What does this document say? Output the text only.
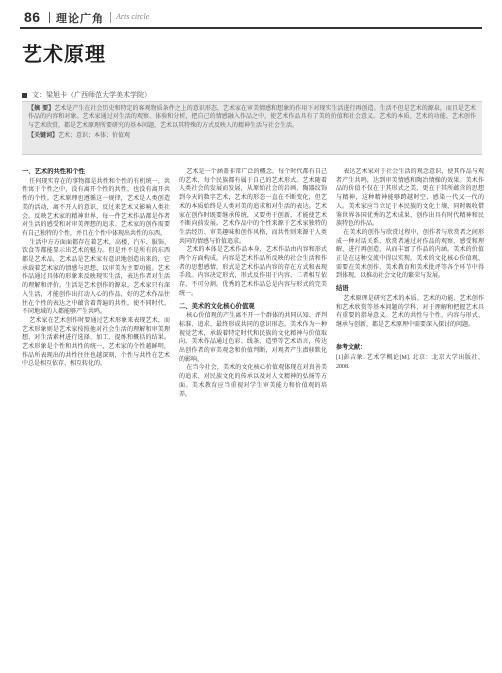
86 理论广角 Arts circle
艺术原理
文：梁旭卡（广西师范大学美术学院）
【摘 要】艺术是产生在社会历史和特定的客观物质条件之上的意识形态，艺术家在审美情感和想象的作用下对现实生活进行再创造。生活不但是艺术的源泉，而且是艺术作品的内容和对象。艺术家通过对生活的观察、体验和分析，把自己的情感融入作品之中，使艺术作品具有了美的价值和社会意义。艺术的本质、艺术的功能、艺术创作与艺术欣赏，都是艺术原理所要研究的基本问题，艺术以其特殊的方式反映人的精神生活与社会生活。
【关键词】艺术；意识；本体；价值观
一、艺术的共性和个性

任何现实存在的事物都是共性和个性的有机统一，共性寓于个性之中，没有离开个性的共性，也没有离开共性的个性。艺术原理也遵循这一规律，艺术是人类创造美的活动，离不开人的意识，反过来艺术又影响人类社会。反映艺术家的精神世界，每一件艺术作品都是作者对生活的感受和对审美理想的追求。艺术家的创作需要有自己独特的个性，并且在个性中体现出共性的东西。

生活中方方面面都存在着艺术，高楼、汽车、服饰、饮食等都能显示出艺术的魅力。但是并不是所有的东西都是艺术品，艺术品是艺术家有意识地创造出来的，它承载着艺术家的情感与思想，以审美为主要功能。艺术作品通过具体的形象来反映现实生活，表达作者对生活的理解和评价。生活是艺术创作的源泉，艺术家只有深入生活，才能创作出打动人心的作品，好的艺术作品往往在个性的表达之中蕴含着普遍的共性，使不同时代、不同地域的人都能够产生共鸣。

艺术家在艺术创作时要通过艺术形象来表现艺术，而艺术形象则是艺术家按照他对社会生活的理解和审美理想，对生活素材进行选择、加工、提炼和概括的结果。艺术形象是个性和共性的统一，艺术家的个性越鲜明，作品所表现出的共性往往也越深刻，个性与共性在艺术中总是相互依存、相互转化的。

艺术是一个涵盖非常广泛的概念，每个时代都有自己的艺术，每个民族都有属于自己的艺术形式。艺术随着人类社会的发展而发展，从原始社会的岩画、陶器纹饰到今天的数字艺术，艺术的形态一直在不断变化，但艺术的本质始终是人类对美的追求和对生活的表达。艺术家在创作时既要继承传统，又要勇于创新，才能使艺术不断向前发展。艺术作品中的个性来源于艺术家独特的生活经历、审美趣味和创作风格，而共性则来源于人类共同的情感与价值追求。

艺术的本体是艺术作品本身，艺术作品由内容和形式两个方面构成，内容是艺术作品所反映的社会生活和作者的思想感情，形式是艺术作品内容的存在方式和表现手段。内容决定形式，形式反作用于内容，二者相互依存、不可分割。优秀的艺术作品总是内容与形式的完美统一。

二、美术的文化核心价值观

核心价值观的产生离不开一个群体的共同认知、评判标准、追求、最终形成共同的意识形态。美术作为一种视觉艺术，承载着特定时代和民族的文化精神与价值取向。美术作品通过色彩、线条、造型等艺术语言，传达出创作者的审美观念和价值判断，对观者产生潜移默化的影响。

在当今社会，美术的文化核心价值观体现在对真善美的追求、对民族文化的传承以及对人文精神的弘扬等方面。美术教育应当重视对学生审美能力和价值观的培养。

表达艺术家对于社会生活的观念意识，使其作品与观者产生共鸣，达到审美情感和陶冶情操的效果。美术作品的价值不仅在于其形式之美，更在于其所蕴含的思想与精神，这种精神能够跨越时空，感染一代又一代的人。美术家应当立足于本民族的文化土壤，同时吸收借鉴世界各国优秀的艺术成果，创作出具有时代精神和民族特色的作品。

在美术的创作与欣赏过程中，创作者与欣赏者之间形成一种对话关系，欣赏者通过对作品的观察、感受和理解，进行再创造，从而丰富了作品的内涵。美术的价值正是在这种交流中得以实现。美术的文化核心价值观，需要在美术创作、美术教育和美术批评等各个环节中得到体现，以推动社会文化的繁荣与发展。

结语

艺术原理是研究艺术的本质、艺术的功能、艺术创作和艺术欣赏等基本问题的学科，对于理解和把握艺术具有重要的指导意义。艺术的共性与个性、内容与形式、继承与创新，都是艺术原理中需要深入探讨的问题。

参考文献：
[1]彭吉象. 艺术学概论[M]. 北京：北京大学出版社，2008.
